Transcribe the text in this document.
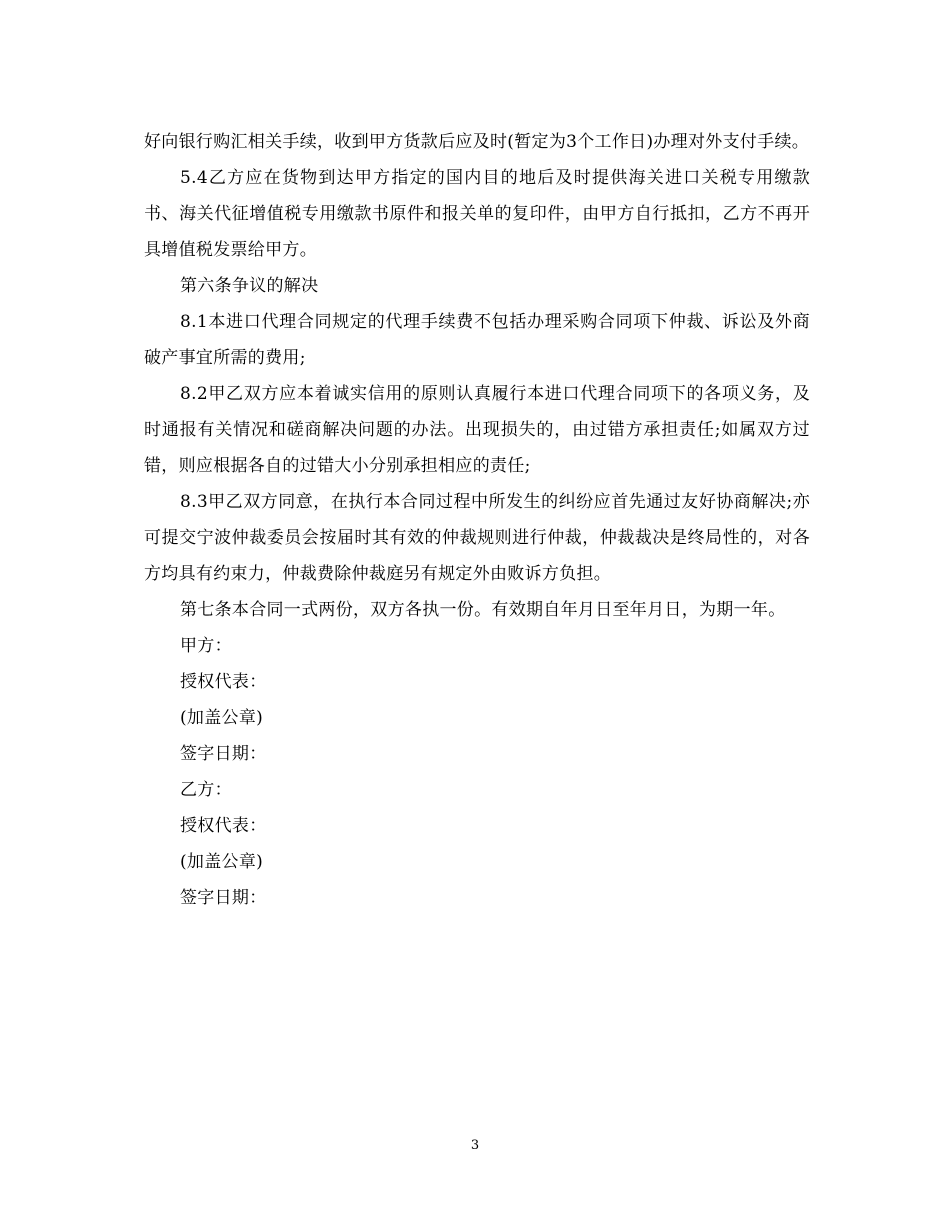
好向银行购汇相关手续，收到甲方货款后应及时(暂定为3个工作日)办理对外支付手续。

5.4乙方应在货物到达甲方指定的国内目的地后及时提供海关进口关税专用缴款书、海关代征增值税专用缴款书原件和报关单的复印件，由甲方自行抵扣，乙方不再开具增值税发票给甲方。

第六条争议的解决

8.1本进口代理合同规定的代理手续费不包括办理采购合同项下仲裁、诉讼及外商破产事宜所需的费用;

8.2甲乙双方应本着诚实信用的原则认真履行本进口代理合同项下的各项义务，及时通报有关情况和磋商解决问题的办法。出现损失的，由过错方承担责任;如属双方过错，则应根据各自的过错大小分别承担相应的责任;

8.3甲乙双方同意，在执行本合同过程中所发生的纠纷应首先通过友好协商解决;亦可提交宁波仲裁委员会按届时其有效的仲裁规则进行仲裁，仲裁裁决是终局性的，对各方均具有约束力，仲裁费除仲裁庭另有规定外由败诉方负担。

第七条本合同一式两份，双方各执一份。有效期自年月日至年月日，为期一年。

甲方：

授权代表：

(加盖公章)

签字日期：

乙方：

授权代表：

(加盖公章)

签字日期：

3
